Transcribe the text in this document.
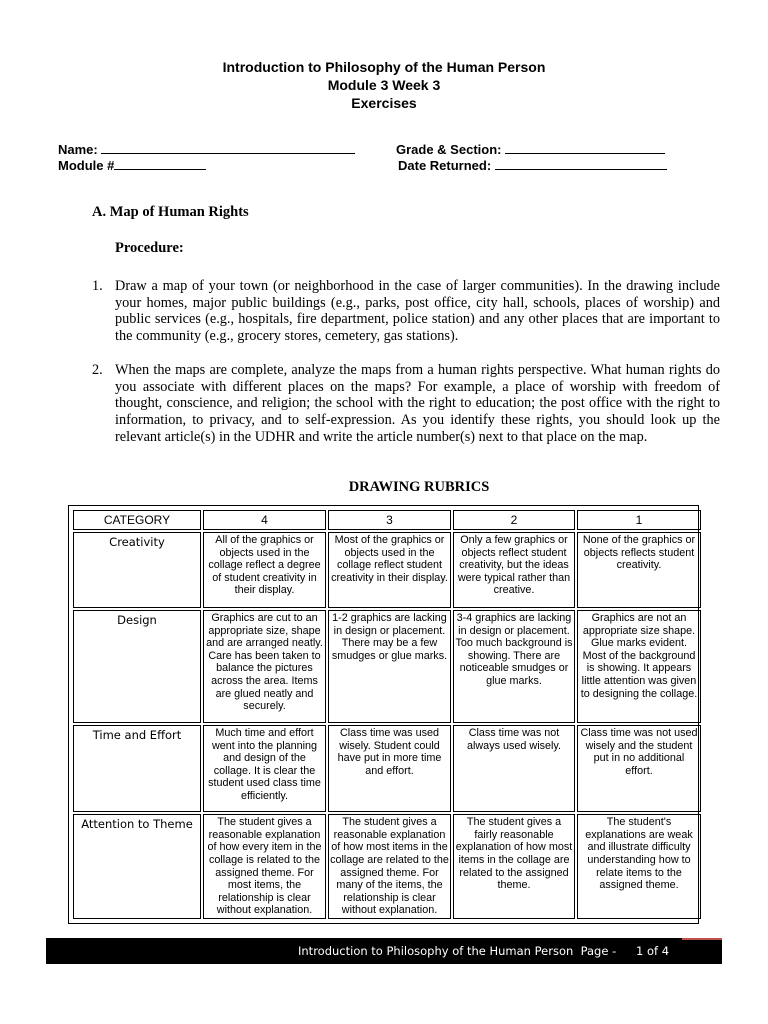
Introduction to Philosophy of the Human Person
Module 3 Week 3
Exercises
Name:	Grade & Section:
Module #	Date Returned:
A. Map of Human Rights
Procedure:
1. Draw a map of your town (or neighborhood in the case of larger communities). In the drawing include your homes, major public buildings (e.g., parks, post office, city hall, schools, places of worship) and public services (e.g., hospitals, fire department, police station) and any other places that are important to the community (e.g., grocery stores, cemetery, gas stations).
2. When the maps are complete, analyze the maps from a human rights perspective. What human rights do you associate with different places on the maps? For example, a place of worship with freedom of thought, conscience, and religion; the school with the right to education; the post office with the right to information, to privacy, and to self-expression. As you identify these rights, you should look up the relevant article(s) in the UDHR and write the article number(s) next to that place on the map.
DRAWING RUBRICS
CATEGORY	4	3	2	1
Creativity	All of the graphics or objects used in the collage reflect a degree of student creativity in their display.	Most of the graphics or objects used in the collage reflect student creativity in their display.	Only a few graphics or objects reflect student creativity, but the ideas were typical rather than creative.	None of the graphics or objects reflects student creativity.
Design	Graphics are cut to an appropriate size, shape and are arranged neatly. Care has been taken to balance the pictures across the area. Items are glued neatly and securely.	1-2 graphics are lacking in design or placement. There may be a few smudges or glue marks.	3-4 graphics are lacking in design or placement. Too much background is showing. There are noticeable smudges or glue marks.	Graphics are not an appropriate size shape. Glue marks evident. Most of the background is showing. It appears little attention was given to designing the collage.
Time and Effort	Much time and effort went into the planning and design of the collage. It is clear the student used class time efficiently.	Class time was used wisely. Student could have put in more time and effort.	Class time was not always used wisely.	Class time was not used wisely and the student put in no additional effort.
Attention to Theme	The student gives a reasonable explanation of how every item in the collage is related to the assigned theme. For most items, the relationship is clear without explanation.	The student gives a reasonable explanation of how most items in the collage are related to the assigned theme. For many of the items, the relationship is clear without explanation.	The student gives a fairly reasonable explanation of how most items in the collage are related to the assigned theme.	The student's explanations are weak and illustrate difficulty understanding how to relate items to the assigned theme.
Introduction to Philosophy of the Human Person  Page - 1 of 4
